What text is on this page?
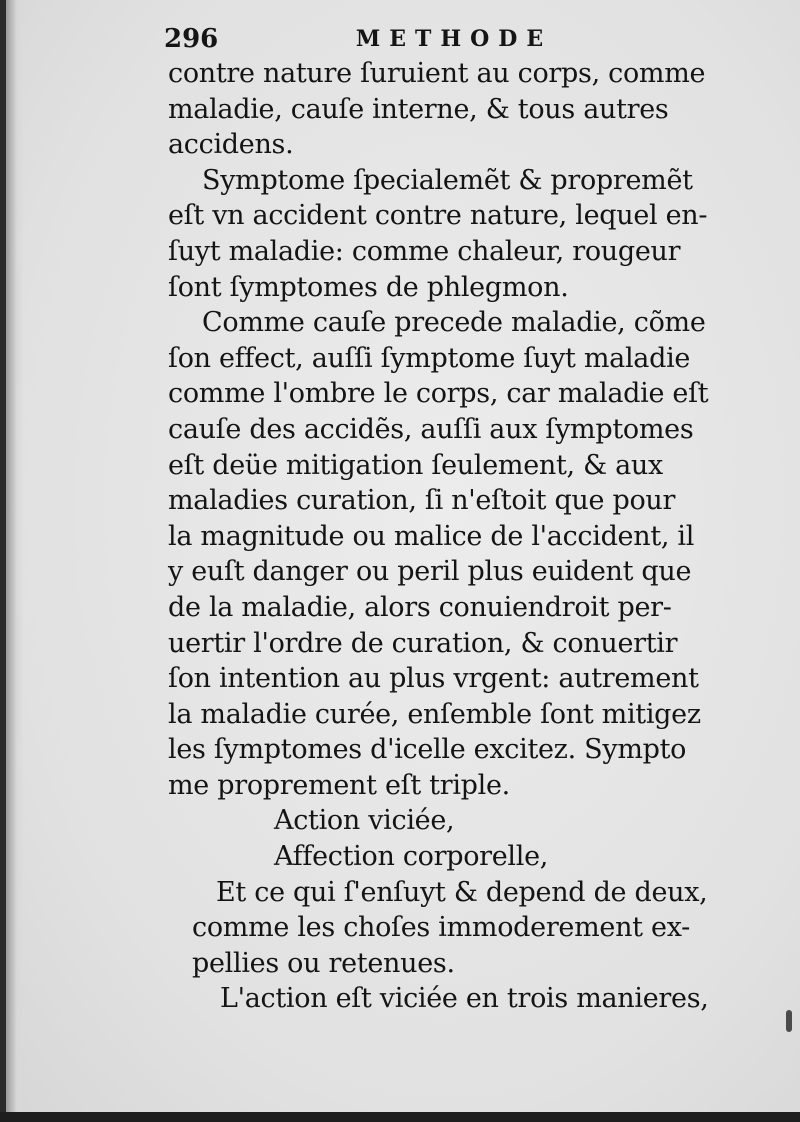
296	METHODE
contre nature ſuruient au corps, comme
maladie, cauſe interne, & tous autres
accidens.
Symptome ſpecialemẽt & propremẽt
eſt vn accident contre nature, lequel en-
ſuyt maladie: comme chaleur, rougeur
ſont ſymptomes de phlegmon.
Comme cauſe precede maladie, cõme
ſon effect, auſſi ſymptome ſuyt maladie
comme l'ombre le corps, car maladie eſt
cauſe des accidẽs, auſſi aux ſymptomes
eſt deüe mitigation ſeulement, & aux
maladies curation, ſi n'eſtoit que pour
la magnitude ou malice de l'accident, il
y euſt danger ou peril plus euident que
de la maladie, alors conuiendroit per-
uertir l'ordre de curation, & conuertir
ſon intention au plus vrgent: autrement
la maladie curée, enſemble ſont mitigez
les ſymptomes d'icelle excitez. Sympto
me proprement eſt triple.
Action viciée,
Affection corporelle,
Et ce qui ſ'enſuyt & depend de deux,
comme les choſes immoderement ex-
pellies ou retenues.
L'action eſt viciée en trois manieres,
